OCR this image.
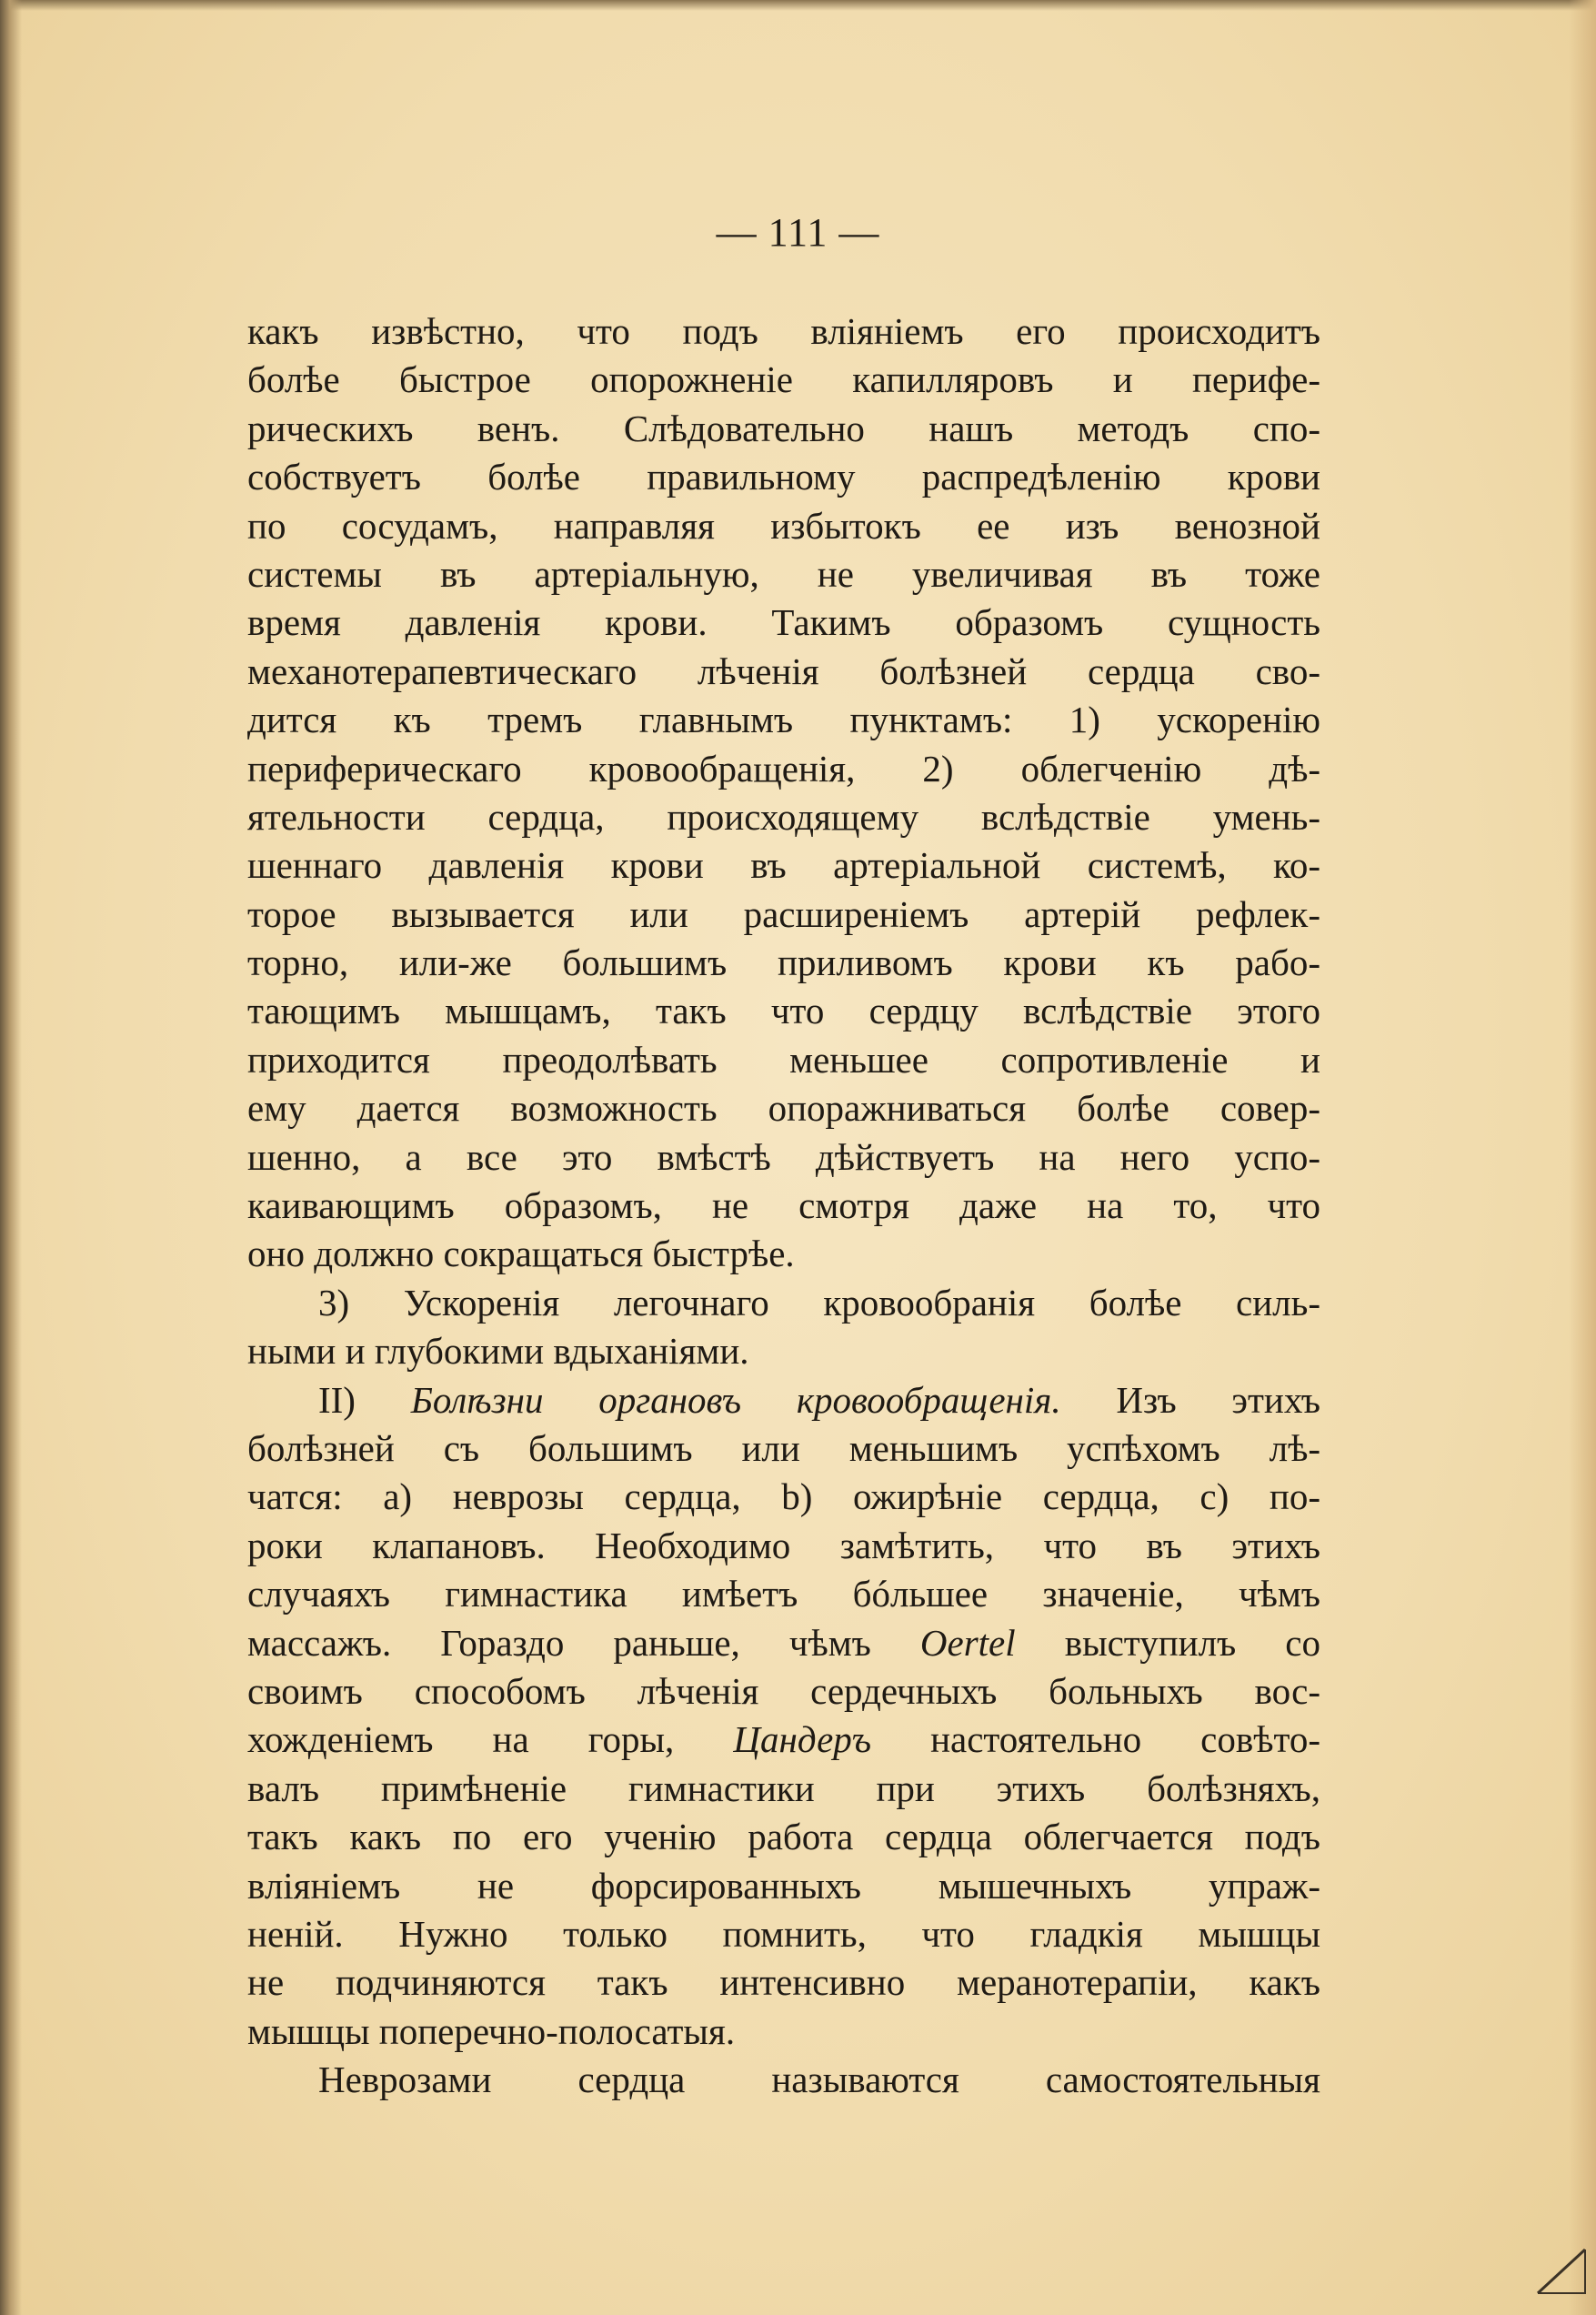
— 111 —
какъ извѣстно, что подъ вліяніемъ его происходитъ
болѣе быстрое опорожненіе капилляровъ и перифе-
рическихъ венъ. Слѣдовательно нашъ методъ спо-
собствуетъ болѣе правильному распредѣленію крови
по сосудамъ, направляя избытокъ ее изъ венозной
системы въ артеріальную, не увеличивая въ тоже
время давленія крови. Такимъ образомъ сущность
механотерапевтическаго лѣченія болѣзней сердца сво-
дится къ тремъ главнымъ пунктамъ: 1) ускоренію
периферическаго кровообращенія, 2) облегченію дѣ-
ятельности сердца, происходящему вслѣдствіе умень-
шеннаго давленія крови въ артеріальной системѣ, ко-
торое вызывается или расширеніемъ артерій рефлек-
торно, или-же большимъ приливомъ крови къ рабо-
тающимъ мышцамъ, такъ что сердцу вслѣдствіе этого
приходится преодолѣвать меньшее сопротивленіе и
ему дается возможность опоражниваться болѣе совер-
шенно, а все это вмѣстѣ дѣйствуетъ на него успо-
каивающимъ образомъ, не смотря даже на то, что
оно должно сокращаться быстрѣе.
3) Ускоренія легочнаго кровообранія болѣе силь-
ными и глубокими вдыханіями.
II) Болѣзни органовъ кровообращенія. Изъ этихъ
болѣзней съ большимъ или меньшимъ успѣхомъ лѣ-
чатся: a) неврозы сердца, b) ожирѣніе сердца, c) по-
роки клапановъ. Необходимо замѣтить, что въ этихъ
случаяхъ гимнастика имѣетъ бóльшее значеніе, чѣмъ
массажъ. Гораздо раньше, чѣмъ Oertel выступилъ со
своимъ способомъ лѣченія сердечныхъ больныхъ вос-
хожденіемъ на горы, Цандеръ настоятельно совѣто-
валъ примѣненіе гимнастики при этихъ болѣзняхъ,
такъ какъ по его ученію работа сердца облегчается подъ
вліяніемъ не форсированныхъ мышечныхъ упраж-
неній. Нужно только помнить, что гладкія мышцы
не подчиняются такъ интенсивно меранотерапіи, какъ
мышцы поперечно-полосатыя.
Неврозами сердца называются самостоятельныя
